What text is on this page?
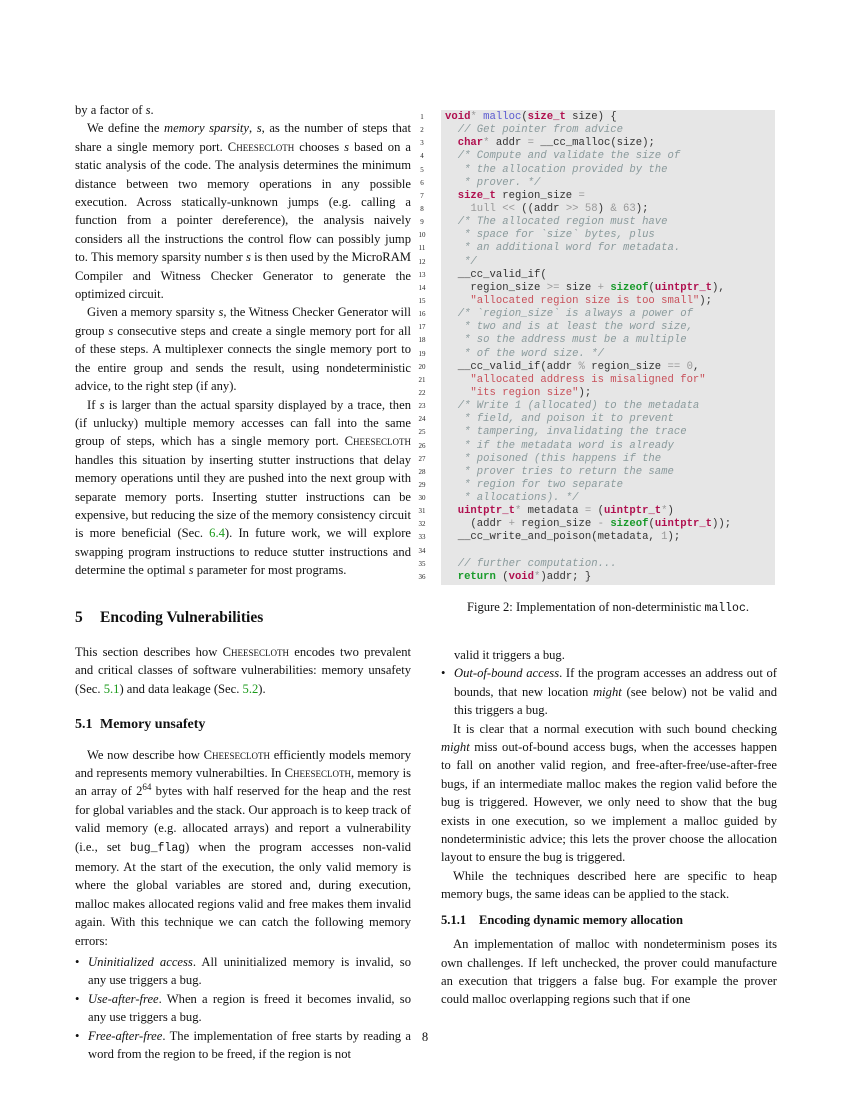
by a factor of s.
We define the memory sparsity, s, as the number of steps that share a single memory port. Cheesecloth chooses s based on a static analysis of the code. The analysis determines the minimum distance between two memory operations in any possible execution. Across statically-unknown jumps (e.g. calling a function from a pointer dereference), the analysis naively considers all the instructions the control flow can possibly jump to. This memory sparsity number s is then used by the MicroRAM Compiler and Witness Checker Generator to generate the optimized circuit.
Given a memory sparsity s, the Witness Checker Generator will group s consecutive steps and create a single memory port for all of these steps. A multiplexer connects the single memory port to the entire group and sends the result, using nondeterministic advice, to the right step (if any).
If s is larger than the actual sparsity displayed by a trace, then (if unlucky) multiple memory accesses can fall into the same group of steps, which has a single memory port. Cheesecloth handles this situation by inserting stutter instructions that delay memory operations until they are pushed into the next group with separate memory ports. Inserting stutter instructions can be expensive, but reducing the size of the memory consistency circuit is more beneficial (Sec. 6.4). In future work, we will explore swapping program instructions to reduce stutter instructions and determine the optimal s parameter for most programs.
5 Encoding Vulnerabilities
This section describes how Cheesecloth encodes two prevalent and critical classes of software vulnerabilities: memory unsafety (Sec. 5.1) and data leakage (Sec. 5.2).
5.1 Memory unsafety
We now describe how Cheesecloth efficiently models memory and represents memory vulnerabilties. In Cheesecloth, memory is an array of $2^{64}$ bytes with half reserved for the heap and the rest for global variables and the stack. Our approach is to keep track of valid memory (e.g. allocated arrays) and report a vulnerability (i.e., set bug_flag) when the program accesses non-valid memory. At the start of the execution, the only valid memory is where the global variables are stored and, during execution, malloc makes allocated regions valid and free makes them invalid again. With this technique we can catch the following memory errors:
• Uninitialized access. All uninitialized memory is invalid, so any use triggers a bug.
• Use-after-free. When a region is freed it becomes invalid, so any use triggers a bug.
• Free-after-free. The implementation of free starts by reading a word from the region to be freed, if the region is not
valid it triggers a bug.
• Out-of-bound access. If the program accesses an address out of bounds, that new location might (see below) not be valid and this triggers a bug.
It is clear that a normal execution with such bound checking might miss out-of-bound access bugs, when the accesses happen to fall on another valid region, and free-after-free/use-after-free bugs, if an intermediate malloc makes the region valid before the bug is triggered. However, we only need to show that the bug exists in one execution, so we implement a malloc guided by nondeterministic advice; this lets the prover choose the allocation layout to ensure the bug is triggered.
While the techniques described here are specific to heap memory bugs, the same ideas can be applied to the stack.
5.1.1 Encoding dynamic memory allocation
An implementation of malloc with nondeterminism poses its own challenges. If left unchecked, the prover could manufacture an execution that triggers a false bug. For example the prover could malloc overlapping regions such that if one
void* malloc(size_t size) {
// Get pointer from advice
char* addr = __cc_malloc(size);
/* Compute and validate the size of
* the allocation provided by the
* prover. */
size_t region_size =
1ull << ((addr >> 58) & 63);
/* The allocated region must have
* space for `size` bytes, plus
* an additional word for metadata.
*/
__cc_valid_if(
region_size >= size + sizeof(uintptr_t),
"allocated region size is too small");
/* `region_size` is always a power of
* two and is at least the word size,
* so the address must be a multiple
* of the word size. */
__cc_valid_if(addr % region_size == 0,
"allocated address is misaligned for"
"its region size");
/* Write 1 (allocated) to the metadata
* field, and poison it to prevent
* tampering, invalidating the trace
* if the metadata word is already
* poisoned (this happens if the
* prover tries to return the same
* region for two separate
* allocations). */
uintptr_t* metadata = (uintptr_t*)
(addr + region_size - sizeof(uintptr_t));
__cc_write_and_poison(metadata, 1);
// further computation...
return (void*)addr; }
1
2
3
4
5
6
7
8
9
10
11
12
13
14
15
16
17
18
19
20
21
22
23
24
25
26
27
28
29
30
31
32
33
34
35
36
Figure 2: Implementation of non-deterministic malloc.
8
